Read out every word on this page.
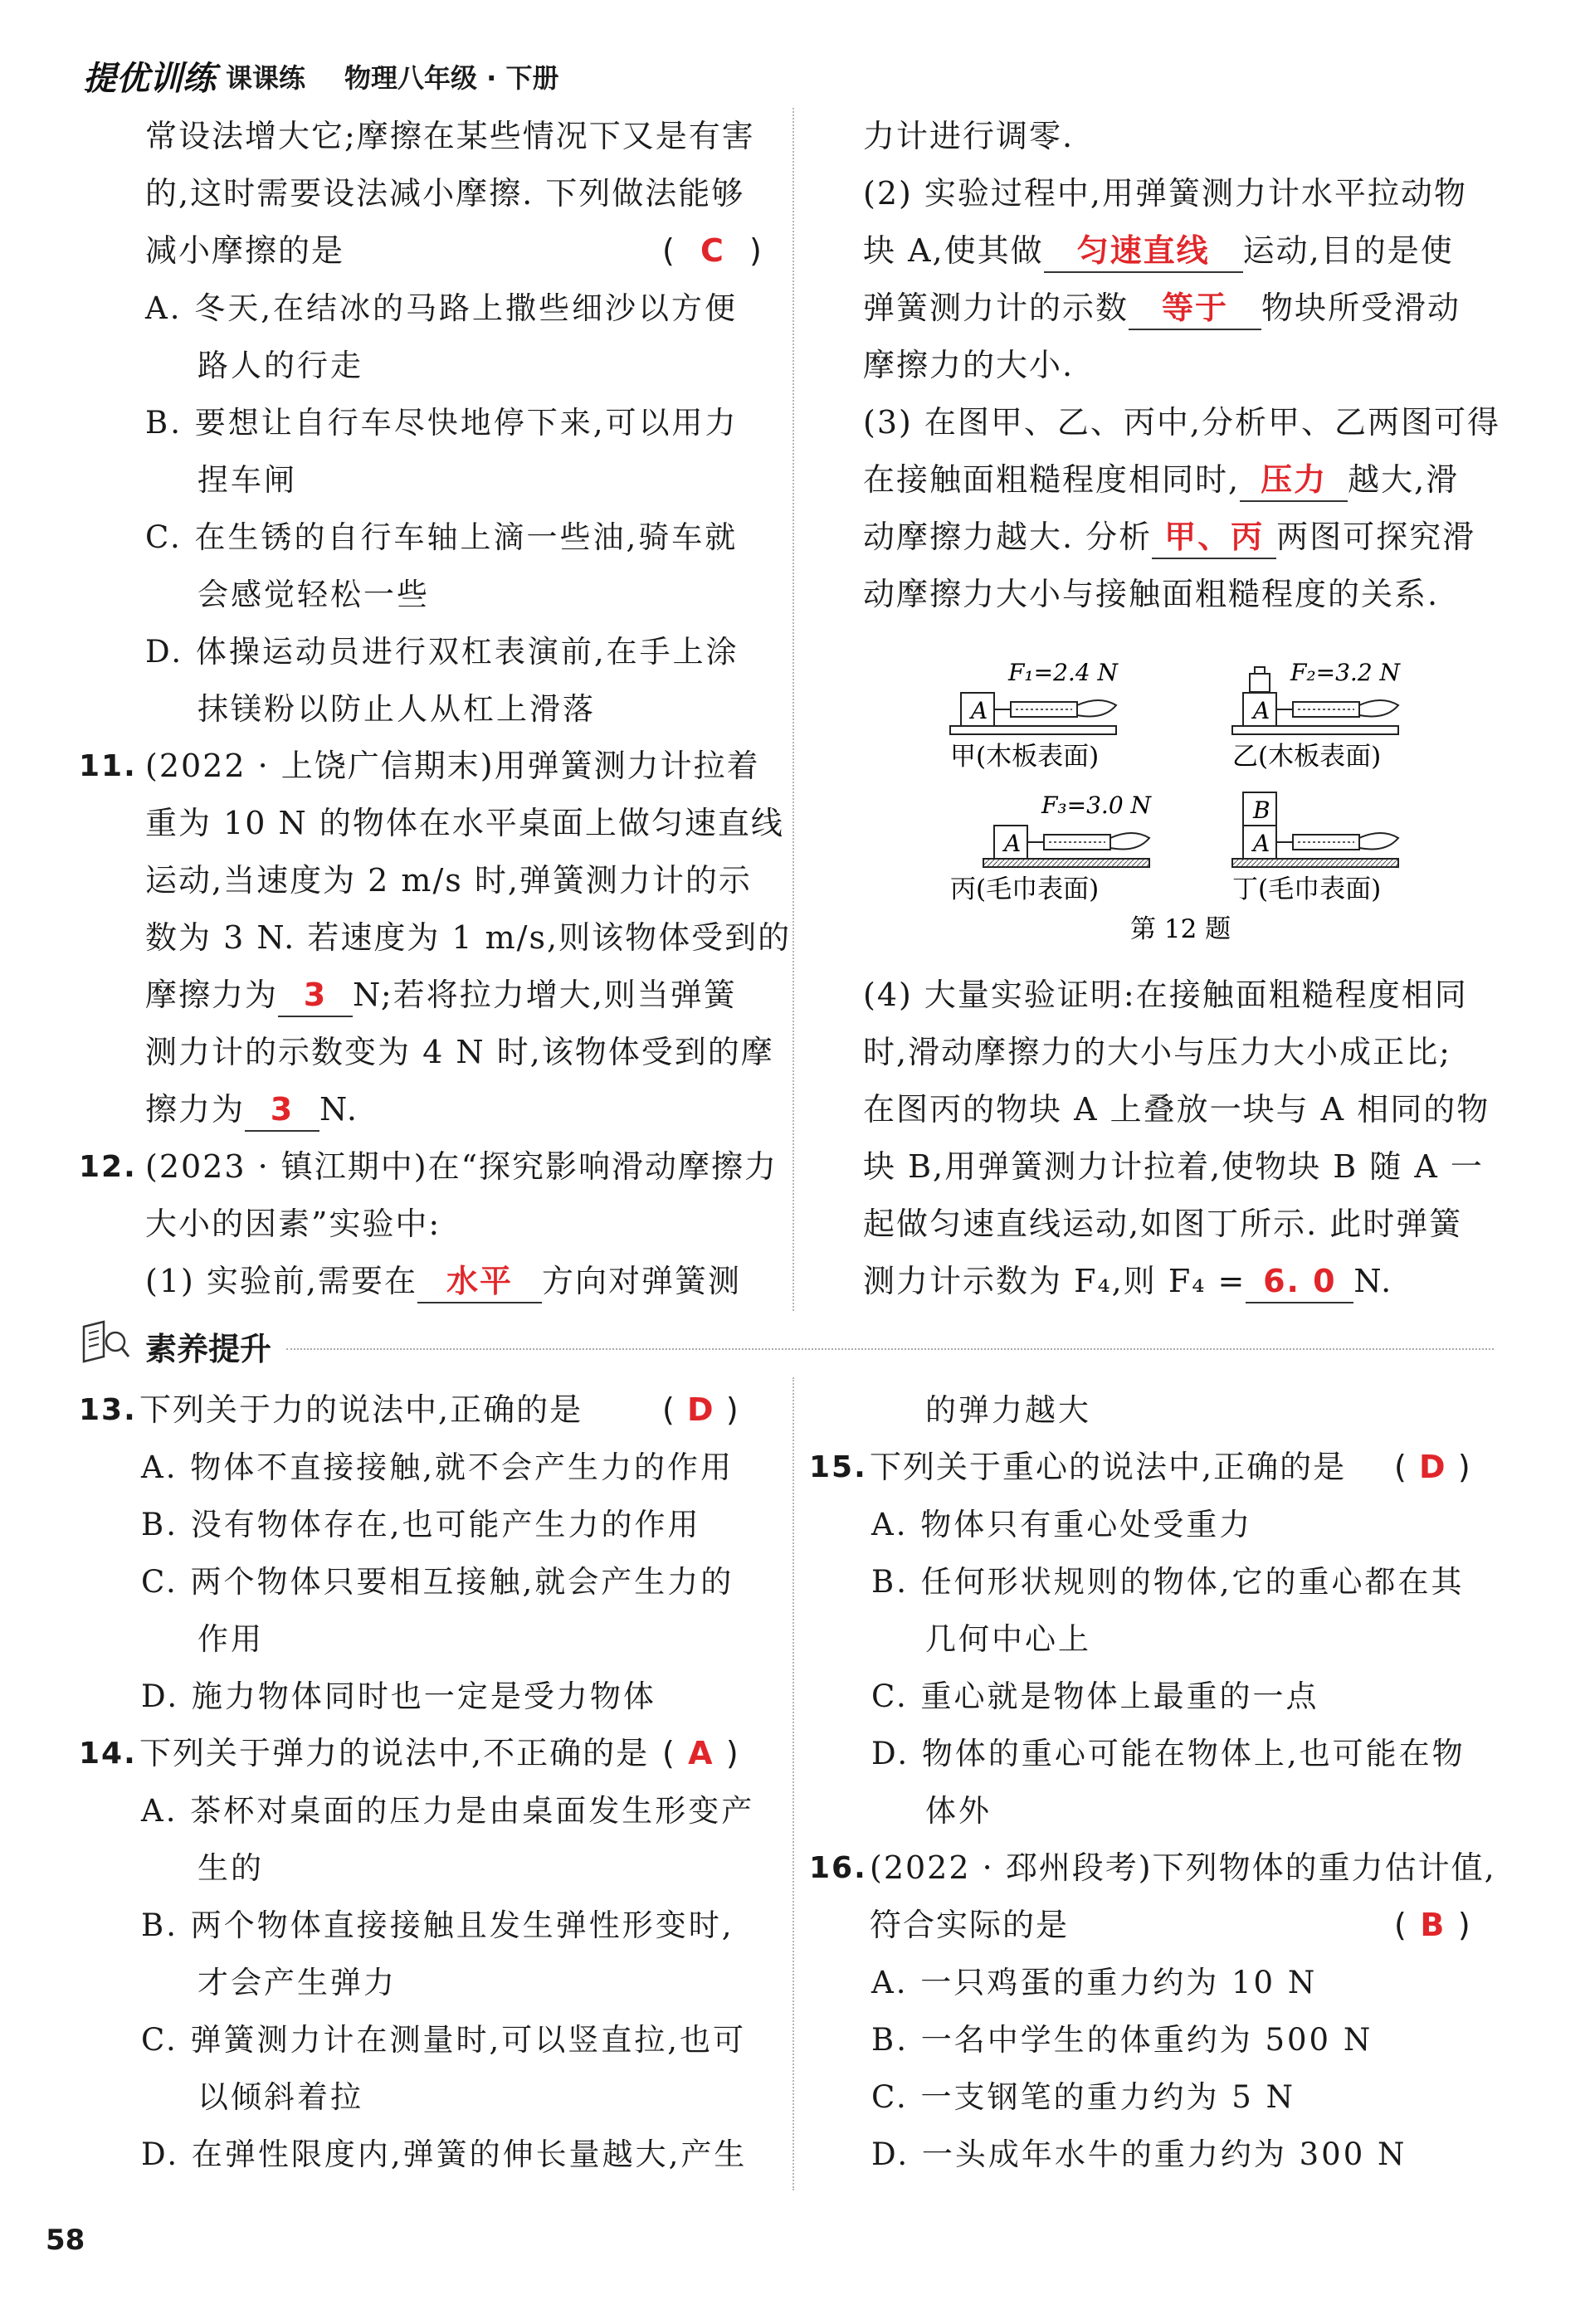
提优训练 课课练 物理八年级 · 下册
常设法增大它;摩擦在某些情况下又是有害
的,这时需要设法减小摩擦. 下列做法能够
减小摩擦的是	( C )
A. 冬天,在结冰的马路上撒些细沙以方便
路人的行走
B. 要想让自行车尽快地停下来,可以用力
捏车闸
C. 在生锈的自行车轴上滴一些油,骑车就
会感觉轻松一些
D. 体操运动员进行双杠表演前,在手上涂
抹镁粉以防止人从杠上滑落
11. (2022 · 上饶广信期末)用弹簧测力计拉着
重为 10 N 的物体在水平桌面上做匀速直线
运动,当速度为 2 m/s 时,弹簧测力计的示
数为 3 N. 若速度为 1 m/s,则该物体受到的
摩擦力为 3 N;若将拉力增大,则当弹簧
测力计的示数变为 4 N 时,该物体受到的摩
擦力为 3 N.
12. (2023 · 镇江期中)在“探究影响滑动摩擦力
大小的因素”实验中:
(1) 实验前,需要在 水平 方向对弹簧测
力计进行调零.
(2) 实验过程中,用弹簧测力计水平拉动物
块 A,使其做 匀速直线 运动,目的是使
弹簧测力计的示数 等于 物块所受滑动
摩擦力的大小.
(3) 在图甲、乙、丙中,分析甲、乙两图可得
在接触面粗糙程度相同时, 压力 越大,滑
动摩擦力越大. 分析 甲、丙 两图可探究滑
动摩擦力大小与接触面粗糙程度的关系.
A
F₁=2.4 N
甲(木板表面)
A
F₂=3.2 N
乙(木板表面)
A
F₃=3.0 N
丙(毛巾表面)
A
B
丁(毛巾表面)
第 12 题
(4) 大量实验证明:在接触面粗糙程度相同
时,滑动摩擦力的大小与压力大小成正比;
在图丙的物块 A 上叠放一块与 A 相同的物
块 B,用弹簧测力计拉着,使物块 B 随 A 一
起做匀速直线运动,如图丁所示. 此时弹簧
测力计示数为 F₄,则 F₄ = 6. 0 N.
素养提升
13. 下列关于力的说法中,正确的是	( D )
A. 物体不直接接触,就不会产生力的作用
B. 没有物体存在,也可能产生力的作用
C. 两个物体只要相互接触,就会产生力的
作用
D. 施力物体同时也一定是受力物体
14. 下列关于弹力的说法中,不正确的是 ( A )
A. 茶杯对桌面的压力是由桌面发生形变产
生的
B. 两个物体直接接触且发生弹性形变时,
才会产生弹力
C. 弹簧测力计在测量时,可以竖直拉,也可
以倾斜着拉
D. 在弹性限度内,弹簧的伸长量越大,产生
的弹力越大
15. 下列关于重心的说法中,正确的是 ( D )
A. 物体只有重心处受重力
B. 任何形状规则的物体,它的重心都在其
几何中心上
C. 重心就是物体上最重的一点
D. 物体的重心可能在物体上,也可能在物
体外
16. (2022 · 邳州段考)下列物体的重力估计值,
符合实际的是	( B )
A. 一只鸡蛋的重力约为 10 N
B. 一名中学生的体重约为 500 N
C. 一支钢笔的重力约为 5 N
D. 一头成年水牛的重力约为 300 N
58
